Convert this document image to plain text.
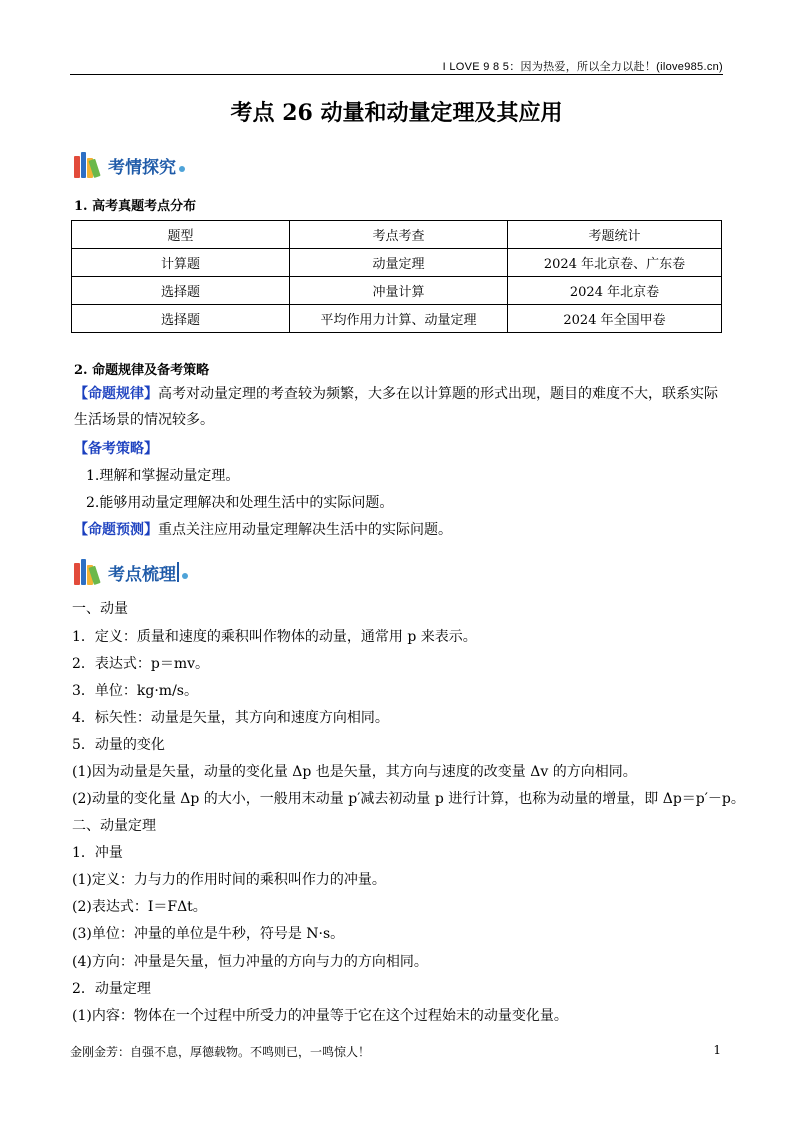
I LOVE 9 8 5：因为热爱，所以全力以赴！(ilove985.cn)
考点 26 动量和动量定理及其应用
考情探究
1. 高考真题考点分布
题型	考点考查	考题统计
计算题	动量定理	2024 年北京卷、广东卷
选择题	冲量计算	2024 年北京卷
选择题	平均作用力计算、动量定理	2024 年全国甲卷
2. 命题规律及备考策略
【命题规律】高考对动量定理的考查较为频繁，大多在以计算题的形式出现，题目的难度不大，联系实际生活场景的情况较多。
【备考策略】
1.理解和掌握动量定理。
2.能够用动量定理解决和处理生活中的实际问题。
【命题预测】重点关注应用动量定理解决生活中的实际问题。
考点梳理
一、动量
1．定义：质量和速度的乘积叫作物体的动量，通常用 p 来表示。
2．表达式：p＝mv。
3．单位：kg·m/s。
4．标矢性：动量是矢量，其方向和速度方向相同。
5．动量的变化
(1)因为动量是矢量，动量的变化量 Δp 也是矢量，其方向与速度的改变量 Δv 的方向相同。
(2)动量的变化量 Δp 的大小，一般用末动量 p′减去初动量 p 进行计算，也称为动量的增量，即 Δp＝p′－p。
二、动量定理
1．冲量
(1)定义：力与力的作用时间的乘积叫作力的冲量。
(2)表达式：I＝FΔt。
(3)单位：冲量的单位是牛秒，符号是 N·s。
(4)方向：冲量是矢量，恒力冲量的方向与力的方向相同。
2．动量定理
(1)内容：物体在一个过程中所受力的冲量等于它在这个过程始末的动量变化量。
金刚金芳：自强不息，厚德载物。不鸣则已，一鸣惊人！	1
